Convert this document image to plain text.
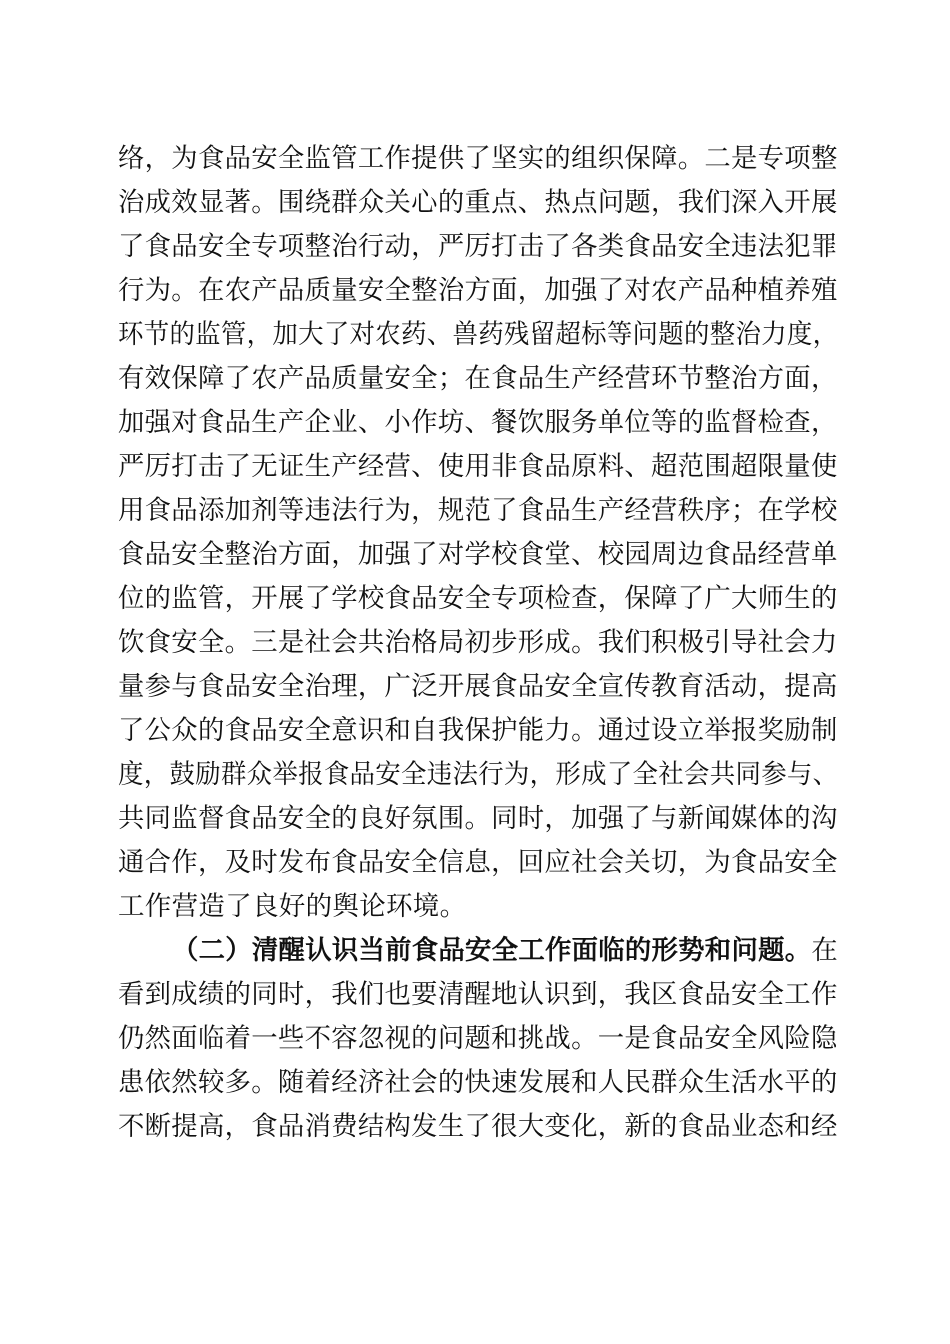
络，为食品安全监管工作提供了坚实的组织保障。二是专项整
治成效显著。围绕群众关心的重点、热点问题，我们深入开展
了食品安全专项整治行动，严厉打击了各类食品安全违法犯罪
行为。在农产品质量安全整治方面，加强了对农产品种植养殖
环节的监管，加大了对农药、兽药残留超标等问题的整治力度，
有效保障了农产品质量安全；在食品生产经营环节整治方面，
加强对食品生产企业、小作坊、餐饮服务单位等的监督检查，
严厉打击了无证生产经营、使用非食品原料、超范围超限量使
用食品添加剂等违法行为，规范了食品生产经营秩序；在学校
食品安全整治方面，加强了对学校食堂、校园周边食品经营单
位的监管，开展了学校食品安全专项检查，保障了广大师生的
饮食安全。三是社会共治格局初步形成。我们积极引导社会力
量参与食品安全治理，广泛开展食品安全宣传教育活动，提高
了公众的食品安全意识和自我保护能力。通过设立举报奖励制
度，鼓励群众举报食品安全违法行为，形成了全社会共同参与、
共同监督食品安全的良好氛围。同时，加强了与新闻媒体的沟
通合作，及时发布食品安全信息，回应社会关切，为食品安全
工作营造了良好的舆论环境。
（二）清醒认识当前食品安全工作面临的形势和问题。在
看到成绩的同时，我们也要清醒地认识到，我区食品安全工作
仍然面临着一些不容忽视的问题和挑战。一是食品安全风险隐
患依然较多。随着经济社会的快速发展和人民群众生活水平的
不断提高，食品消费结构发生了很大变化，新的食品业态和经
